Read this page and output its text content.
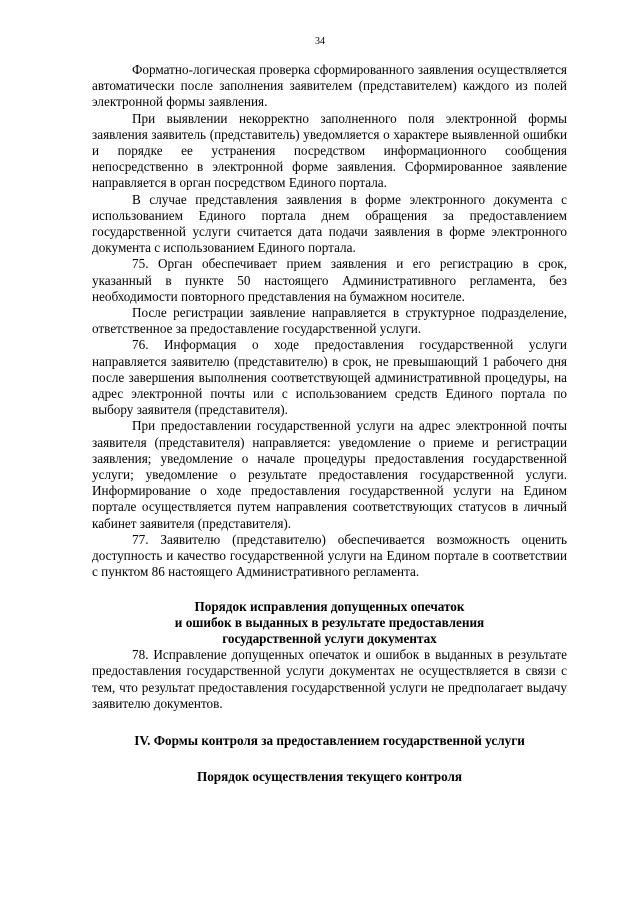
34

Форматно-логическая проверка сформированного заявления осуществляется автоматически после заполнения заявителем (представителем) каждого из полей электронной формы заявления.

При выявлении некорректно заполненного поля электронной формы заявления заявитель (представитель) уведомляется о характере выявленной ошибки и порядке ее устранения посредством информационного сообщения непосредственно в электронной форме заявления. Сформированное заявление направляется в орган посредством Единого портала.

В случае представления заявления в форме электронного документа с использованием Единого портала днем обращения за предоставлением государственной услуги считается дата подачи заявления в форме электронного документа с использованием Единого портала.

75. Орган обеспечивает прием заявления и его регистрацию в срок, указанный в пункте 50 настоящего Административного регламента, без необходимости повторного представления на бумажном носителе.

После регистрации заявление направляется в структурное подразделение, ответственное за предоставление государственной услуги.

76. Информация о ходе предоставления государственной услуги направляется заявителю (представителю) в срок, не превышающий 1 рабочего дня после завершения выполнения соответствующей административной процедуры, на адрес электронной почты или с использованием средств Единого портала по выбору заявителя (представителя).

При предоставлении государственной услуги на адрес электронной почты заявителя (представителя) направляется: уведомление о приеме и регистрации заявления; уведомление о начале процедуры предоставления государственной услуги; уведомление о результате предоставления государственной услуги. Информирование о ходе предоставления государственной услуги на Едином портале осуществляется путем направления соответствующих статусов в личный кабинет заявителя (представителя).

77. Заявителю (представителю) обеспечивается возможность оценить доступность и качество государственной услуги на Едином портале в соответствии с пунктом 86 настоящего Административного регламента.

Порядок исправления допущенных опечаток
и ошибок в выданных в результате предоставления
государственной услуги документах

78. Исправление допущенных опечаток и ошибок в выданных в результате предоставления государственной услуги документах не осуществляется в связи с тем, что результат предоставления государственной услуги не предполагает выдачу заявителю документов.

IV. Формы контроля за предоставлением государственной услуги
Порядок осуществления текущего контроля
